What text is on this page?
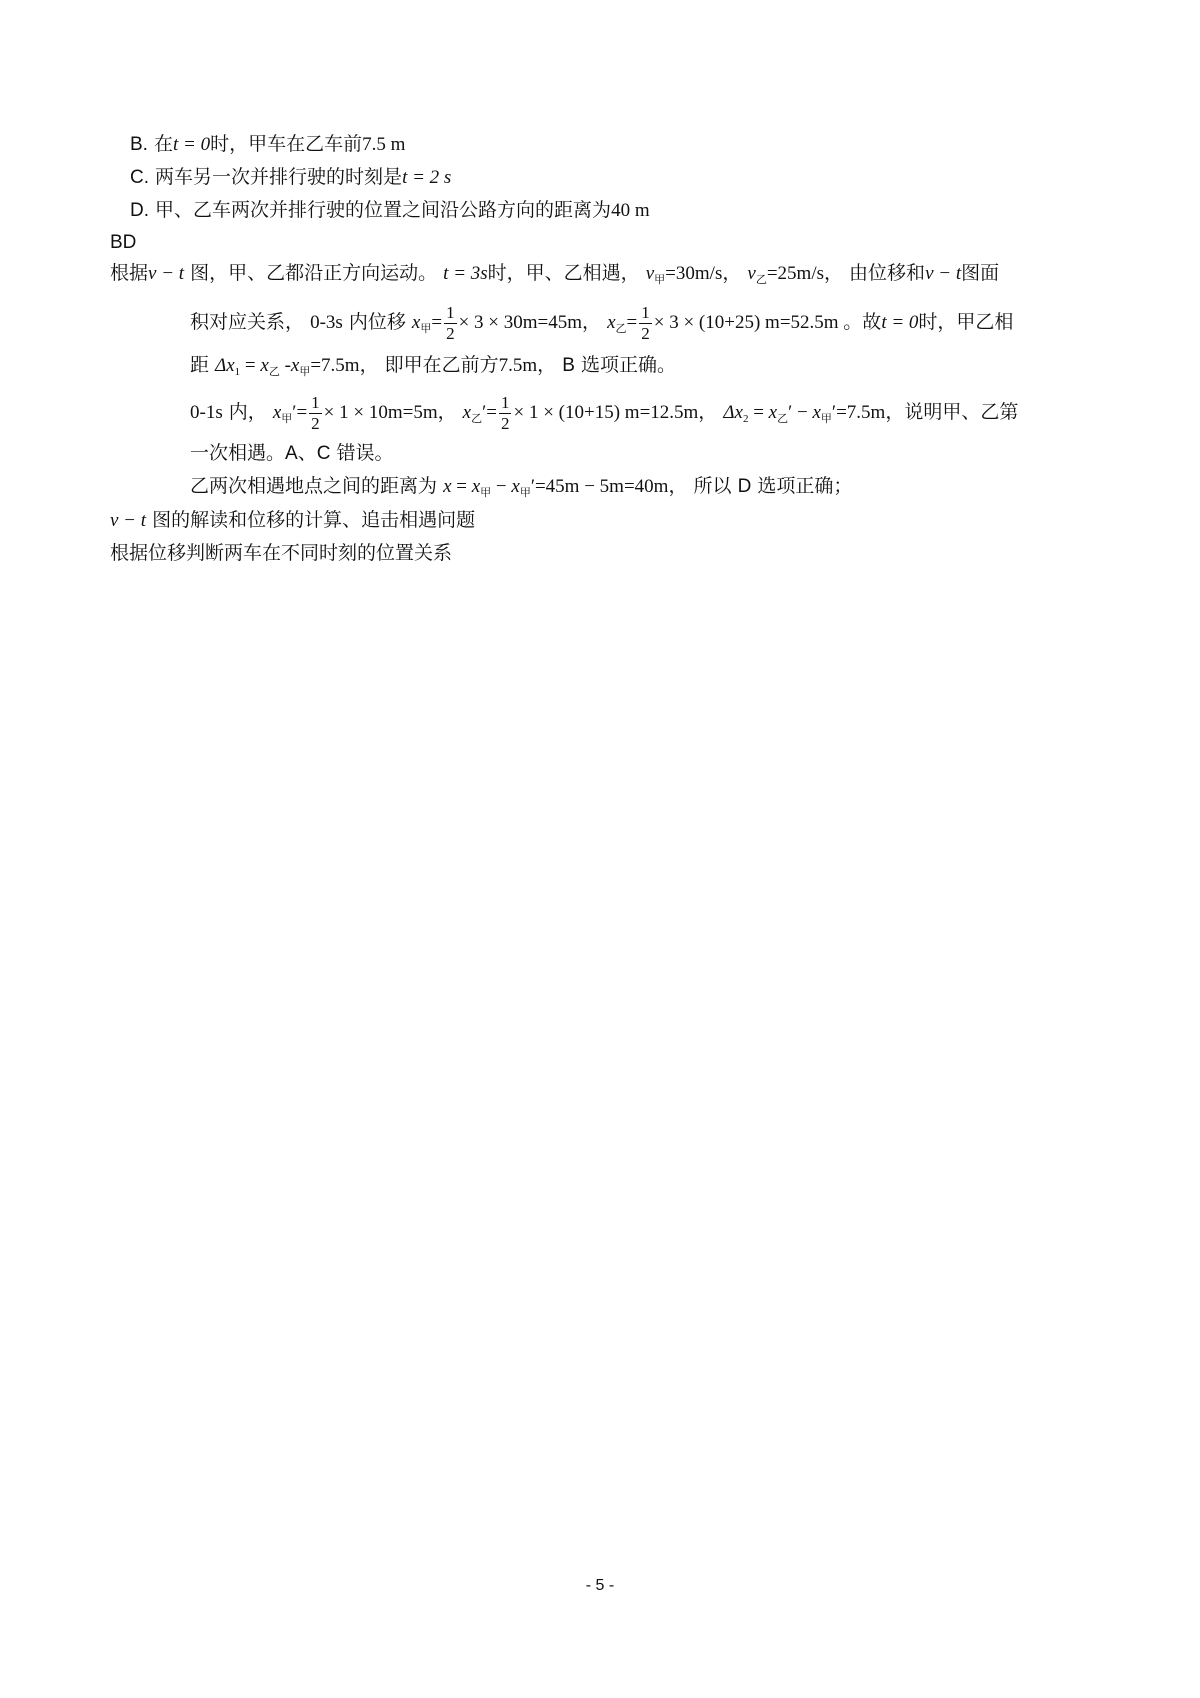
B. 在t = 0时，甲车在乙车前7.5 m
C. 两车另一次并排行驶的时刻是t = 2 s
D. 甲、乙车两次并排行驶的位置之间沿公路方向的距离为40 m
BD
根据v − t 图，甲、乙都沿正方向运动。 t = 3s时，甲、乙相遇， $v_甲=30m/s$， $v_乙=25m/s$， 由位移和v − t图面
积对应关系， 0-3s 内位移 $x_甲= \frac{1}{2} \times 3 \times 30m=45m$， $x_乙= \frac{1}{2} \times 3 \times (10+25)$ m=52.5m 。故t = 0时，甲乙相
距 $\Delta x_1 = x_乙$ $-x_甲=7.5m$， 即甲在乙前方7.5m， B 选项正确。
0-1s 内， $x_甲'= \frac{1}{2} \times 1 \times 10m=5m$， $x_乙'= \frac{1}{2} \times 1 \times (10+15)$ m=12.5m， $\Delta x_2 = x_乙' - x_甲'=7.5m$，说明甲、乙第
一次相遇。A、C 错误。
乙两次相遇地点之间的距离为 $x = x_甲 - x_甲'=45m - 5m=40m$， 所以 D 选项正确；
v − t 图的解读和位移的计算、追击相遇问题
根据位移判断两车在不同时刻的位置关系
- 5 -
